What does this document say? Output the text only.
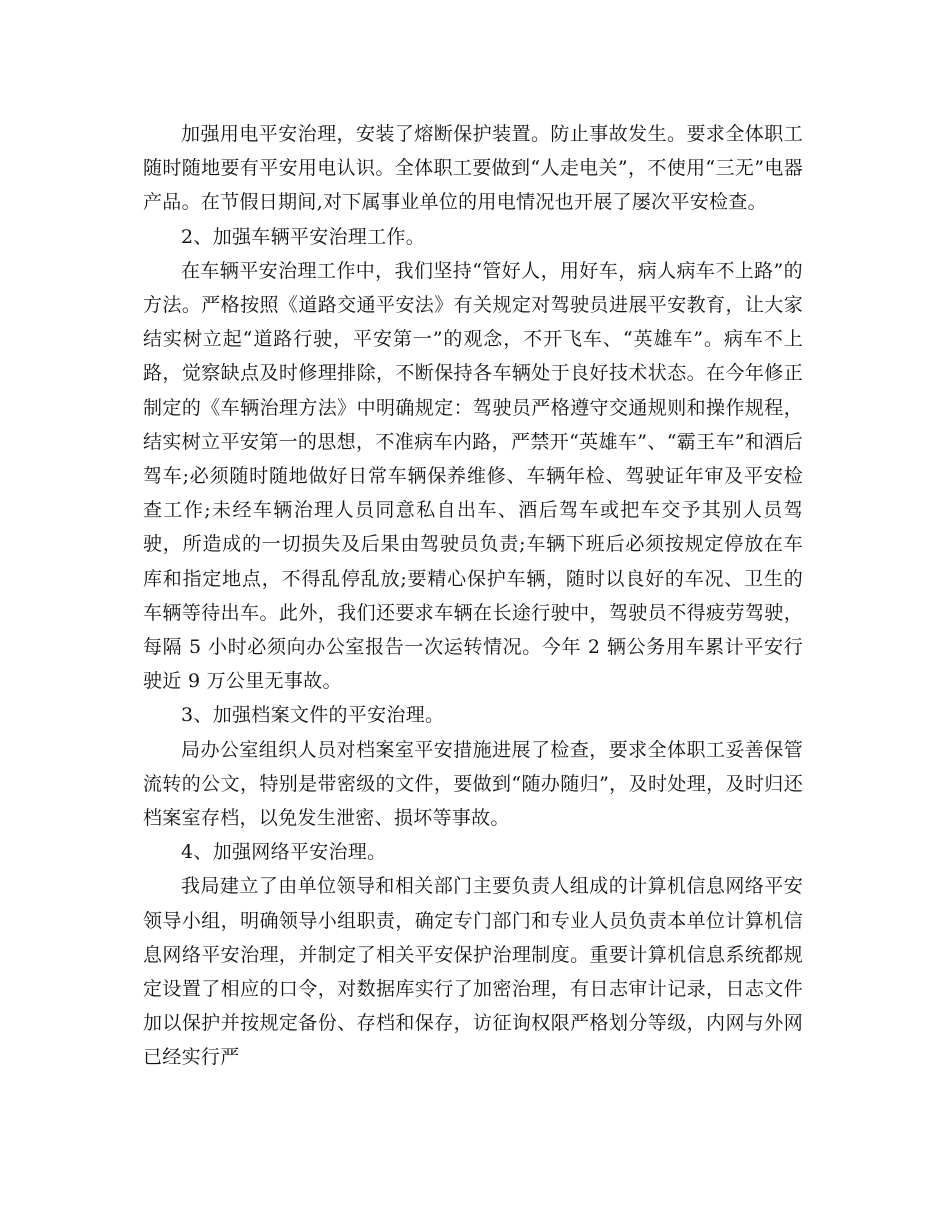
加强用电平安治理，安装了熔断保护装置。防止事故发生。要求全体职工随时随地要有平安用电认识。全体职工要做到“人走电关”，不使用“三无”电器产品。在节假日期间,对下属事业单位的用电情况也开展了屡次平安检查。

2、加强车辆平安治理工作。

在车辆平安治理工作中，我们坚持“管好人，用好车，病人病车不上路”的方法。严格按照《道路交通平安法》有关规定对驾驶员进展平安教育，让大家结实树立起“道路行驶，平安第一”的观念，不开飞车、“英雄车”。病车不上路，觉察缺点及时修理排除，不断保持各车辆处于良好技术状态。在今年修正制定的《车辆治理方法》中明确规定：驾驶员严格遵守交通规则和操作规程，结实树立平安第一的思想，不准病车内路，严禁开“英雄车”、“霸王车”和酒后驾车;必须随时随地做好日常车辆保养维修、车辆年检、驾驶证年审及平安检查工作;未经车辆治理人员同意私自出车、酒后驾车或把车交予其别人员驾驶，所造成的一切损失及后果由驾驶员负责;车辆下班后必须按规定停放在车库和指定地点，不得乱停乱放;要精心保护车辆，随时以良好的车况、卫生的车辆等待出车。此外，我们还要求车辆在长途行驶中，驾驶员不得疲劳驾驶，每隔 5 小时必须向办公室报告一次运转情况。今年 2 辆公务用车累计平安行驶近 9 万公里无事故。

3、加强档案文件的平安治理。

局办公室组织人员对档案室平安措施进展了检查，要求全体职工妥善保管流转的公文，特别是带密级的文件，要做到“随办随归”，及时处理，及时归还档案室存档，以免发生泄密、损坏等事故。

4、加强网络平安治理。

我局建立了由单位领导和相关部门主要负责人组成的计算机信息网络平安领导小组，明确领导小组职责，确定专门部门和专业人员负责本单位计算机信息网络平安治理，并制定了相关平安保护治理制度。重要计算机信息系统都规定设置了相应的口令，对数据库实行了加密治理，有日志审计记录，日志文件加以保护并按规定备份、存档和保存，访征询权限严格划分等级，内网与外网已经实行严
